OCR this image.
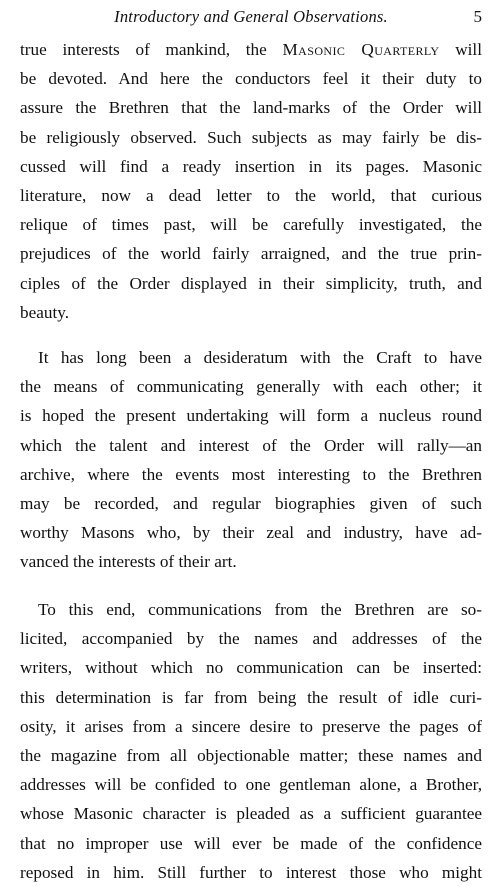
Introductory and General Observations.	5
true interests of mankind, the Masonic Quarterly will
be devoted. And here the conductors feel it their duty to
assure the Brethren that the land-marks of the Order will
be religiously observed. Such subjects as may fairly be dis-
cussed will find a ready insertion in its pages. Masonic
literature, now a dead letter to the world, that curious
relique of times past, will be carefully investigated, the
prejudices of the world fairly arraigned, and the true prin-
ciples of the Order displayed in their simplicity, truth, and
beauty.
It has long been a desideratum with the Craft to have
the means of communicating generally with each other; it
is hoped the present undertaking will form a nucleus round
which the talent and interest of the Order will rally—an
archive, where the events most interesting to the Brethren
may be recorded, and regular biographies given of such
worthy Masons who, by their zeal and industry, have ad-
vanced the interests of their art.
To this end, communications from the Brethren are so-
licited, accompanied by the names and addresses of the
writers, without which no communication can be inserted:
this determination is far from being the result of idle curi-
osity, it arises from a sincere desire to preserve the pages of
the magazine from all objectionable matter; these names and
addresses will be confided to one gentleman alone, a Brother,
whose Masonic character is pleaded as a sufficient guarantee
that no improper use will ever be made of the confidence
reposed in him. Still further to interest those who might
